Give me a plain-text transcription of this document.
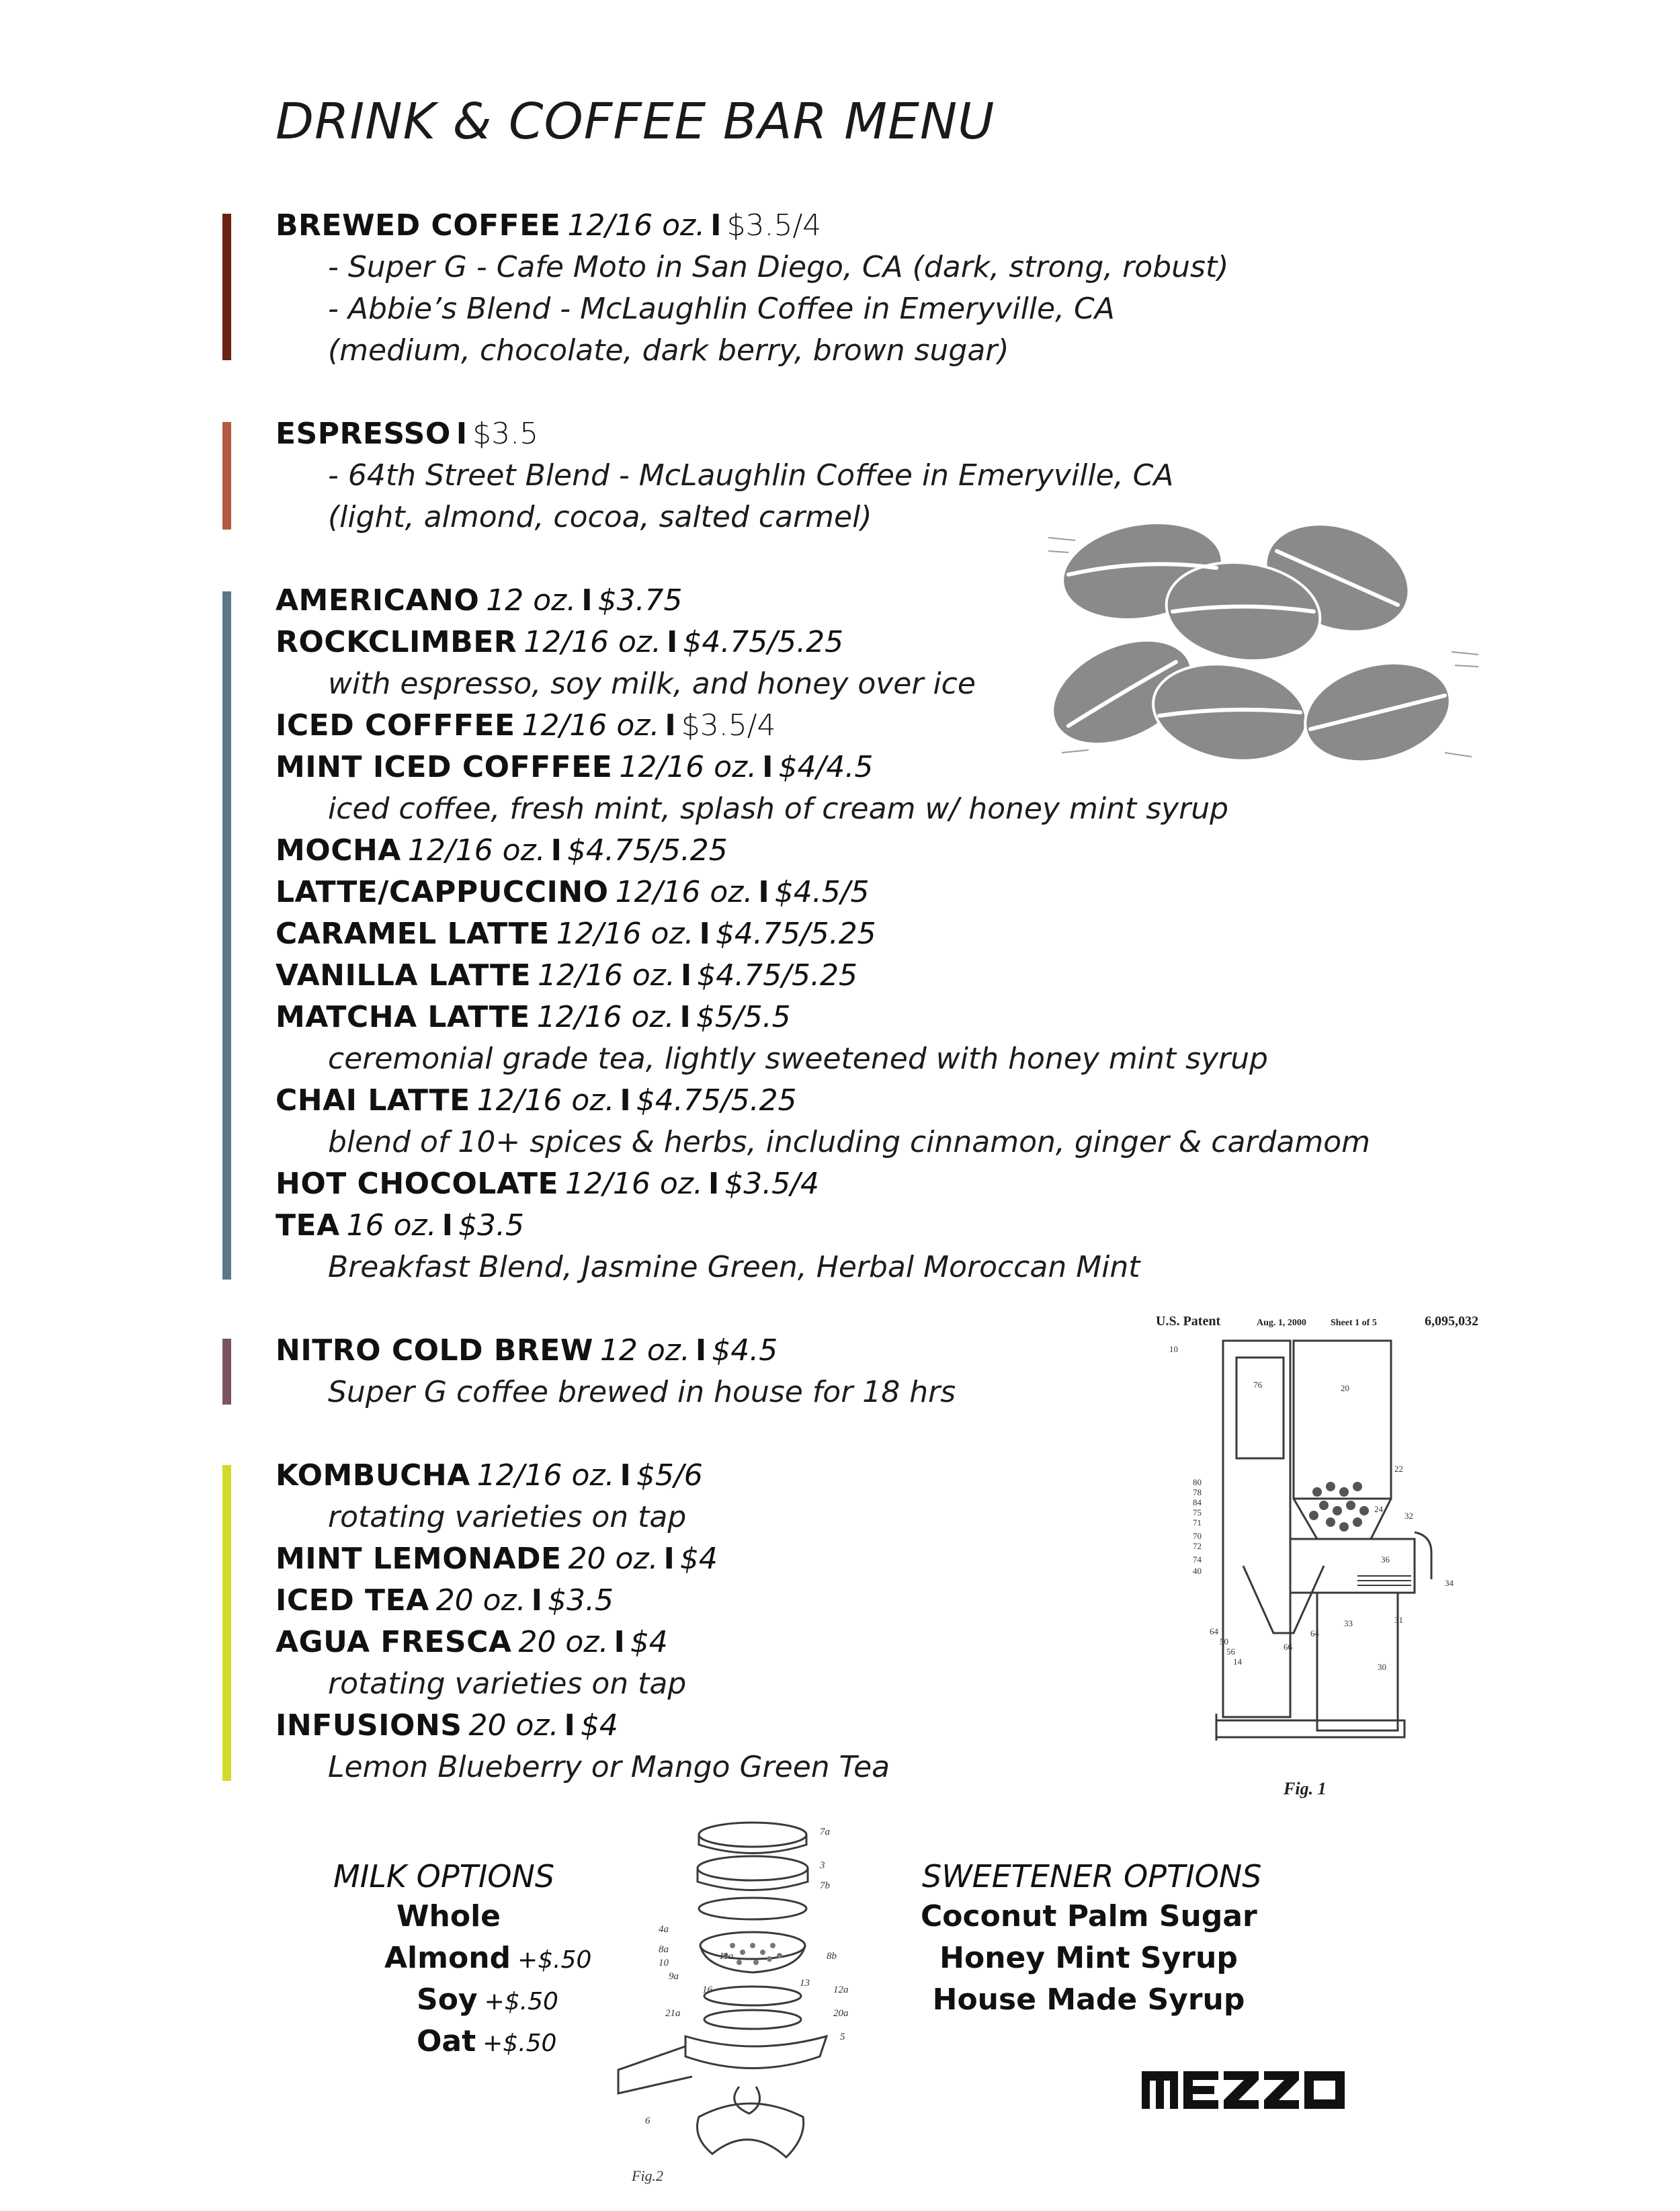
DRINK & COFFEE BAR MENU
BREWED COFFEE 12/16 oz. I $3.5/4
- Super G - Cafe Moto in San Diego, CA (dark, strong, robust)
- Abbie’s Blend - McLaughlin Coffee in Emeryville, CA
(medium, chocolate, dark berry, brown sugar)
ESPRESSO I $3.5
- 64th Street Blend - McLaughlin Coffee in Emeryville, CA
(light, almond, cocoa, salted carmel)
AMERICANO 12 oz. I $3.75
ROCKCLIMBER 12/16 oz. I $4.75/5.25
with espresso, soy milk, and honey over ice
ICED COFFFEE 12/16 oz. I $3.5/4
MINT ICED COFFFEE 12/16 oz. I $4/4.5
iced coffee, fresh mint, splash of cream w/ honey mint syrup
MOCHA 12/16 oz. I $4.75/5.25
LATTE/CAPPUCCINO 12/16 oz. I $4.5/5
CARAMEL LATTE 12/16 oz. I $4.75/5.25
VANILLA LATTE 12/16 oz. I $4.75/5.25
MATCHA LATTE 12/16 oz. I $5/5.5
ceremonial grade tea, lightly sweetened with honey mint syrup
CHAI LATTE 12/16 oz. I $4.75/5.25
blend of 10+ spices & herbs, including cinnamon, ginger & cardamom
HOT CHOCOLATE 12/16 oz. I $3.5/4
TEA 16 oz. I $3.5
Breakfast Blend, Jasmine Green, Herbal Moroccan Mint
NITRO COLD BREW 12 oz. I $4.5
Super G coffee brewed in house for 18 hrs
KOMBUCHA 12/16 oz. I $5/6
rotating varieties on tap
MINT LEMONADE 20 oz. I $4
ICED TEA 20 oz. I $3.5
AGUA FRESCA 20 oz. I $4
rotating varieties on tap
INFUSIONS 20 oz. I $4
Lemon Blueberry or Mango Green Tea
MILK OPTIONS
Whole
Almond +$.50
Soy +$.50
Oat +$.50
SWEETENER OPTIONS
Coconut Palm Sugar
Honey Mint Syrup
House Made Syrup
U.S. Patent	Aug. 1, 2000	Sheet 1 of 5	6,095,032
10
76	20
22
80
78
84
75
71
70
72
74
40
24
32
36
34
64
50
56
14
66
64
33	31
30
Fig. 1
7a
3
7b
4a
8a
10
11a	8b
9a
16
13
12a
21a	20a
5
6
Fig.2
